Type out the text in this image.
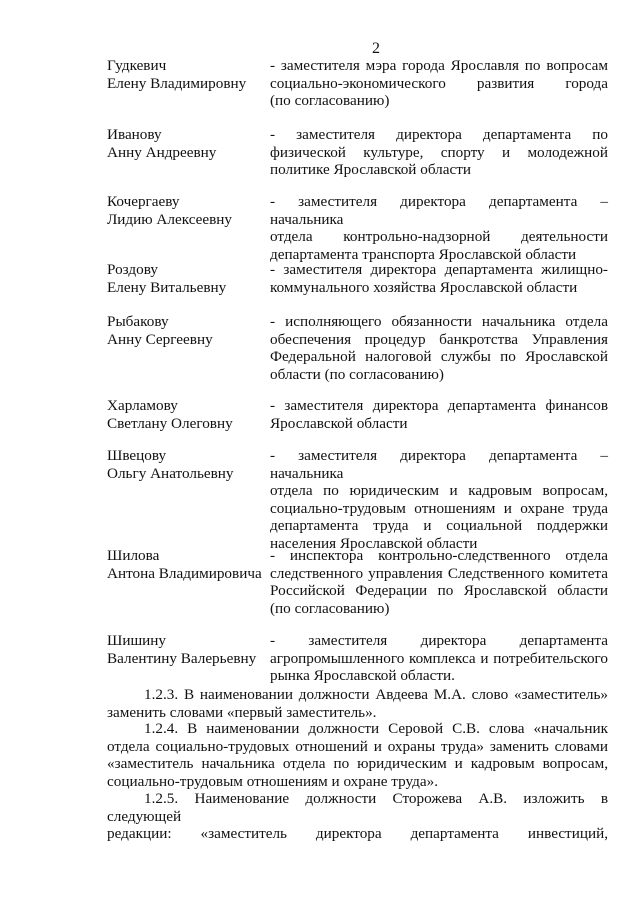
2
Гудкевич
Елену Владимировну
- заместителя мэра города Ярославля по вопросам
социально-экономического развития города
(по согласованию)
Иванову
Анну Андреевну
- заместителя директора департамента по
физической культуре, спорту и молодежной
политике Ярославской области
Кочергаеву
Лидию Алексеевну
- заместителя директора департамента – начальника
отдела контрольно-надзорной деятельности
департамента транспорта Ярославской области
Роздову
Елену Витальевну
- заместителя директора департамента жилищно-
коммунального хозяйства Ярославской области
Рыбакову
Анну Сергеевну
- исполняющего обязанности начальника отдела
обеспечения процедур банкротства Управления
Федеральной налоговой службы по Ярославской
области (по согласованию)
Харламову
Светлану Олеговну
- заместителя директора департамента финансов
Ярославской области
Швецову
Ольгу Анатольевну
- заместителя директора департамента – начальника
отдела по юридическим и кадровым вопросам,
социально-трудовым отношениям и охране труда
департамента труда и социальной поддержки
населения Ярославской области
Шилова
Антона Владимировича
- инспектора контрольно-следственного отдела
следственного управления Следственного комитета
Российской Федерации по Ярославской области
(по согласованию)
Шишину
Валентину Валерьевну
- заместителя директора департамента
агропромышленного комплекса и потребительского
рынка Ярославской области.
1.2.3. В наименовании должности Авдеева М.А. слово «заместитель»
заменить словами «первый заместитель».
1.2.4. В наименовании должности Серовой С.В. слова «начальник
отдела социально-трудовых отношений и охраны труда» заменить словами
«заместитель начальника отдела по юридическим и кадровым вопросам,
социально-трудовым отношениям и охране труда».
1.2.5. Наименование должности Сторожева А.В. изложить в следующей
редакции: «заместитель директора департамента инвестиций,
